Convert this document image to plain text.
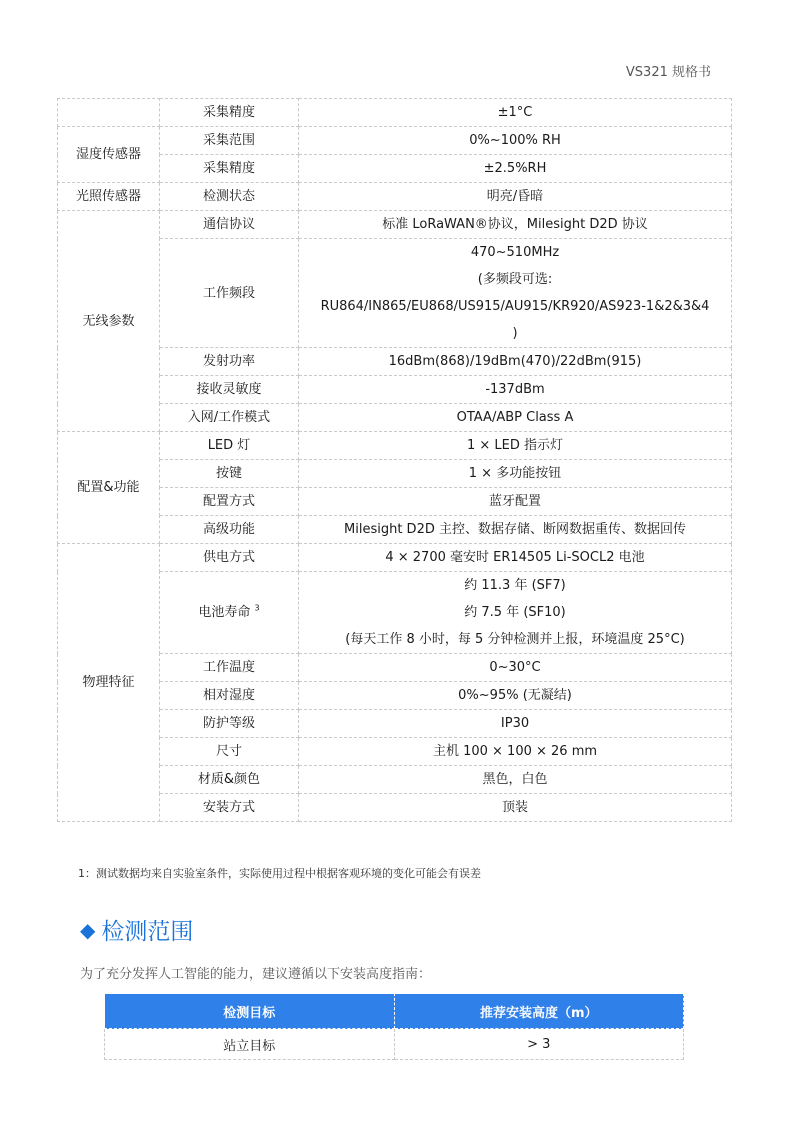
VS321 规格书
	采集精度	±1°C

湿度传感器	采集范围	0%~100% RH

	采集精度	±2.5%RH

光照传感器	检测状态	明亮/昏暗

无线参数	通信协议	标准 LoRaWAN®协议，Milesight D2D 协议

	工作频段	470~510MHz
(多频段可选:
RU864/IN865/EU868/US915/AU915/KR920/AS923-1&2&3&4
)

	发射功率	16dBm(868)/19dBm(470)/22dBm(915)

	接收灵敏度	-137dBm

	入网/工作模式	OTAA/ABP Class A

配置&功能	LED 灯	1 × LED 指示灯

	按键	1 × 多功能按钮

	配置方式	蓝牙配置

	高级功能	Milesight D2D 主控、数据存储、断网数据重传、数据回传

物理特征	供电方式	4 × 2700 毫安时 ER14505 Li-SOCL2 电池

	电池寿命 $^3$	约 11.3 年 (SF7)
约 7.5 年 (SF10)
(每天工作 8 小时，每 5 分钟检测并上报，环境温度 25°C)

	工作温度	0~30°C

	相对湿度	0%~95% (无凝结)

	防护等级	IP30

	尺寸	主机 100 × 100 × 26 mm

	材质&颜色	黑色，白色

	安装方式	顶装
1：测试数据均来自实验室条件，实际使用过程中根据客观环境的变化可能会有误差
◆ 检测范围
为了充分发挥人工智能的能力，建议遵循以下安装高度指南：
检测目标	推荐安装高度（m）
站立目标	> 3
